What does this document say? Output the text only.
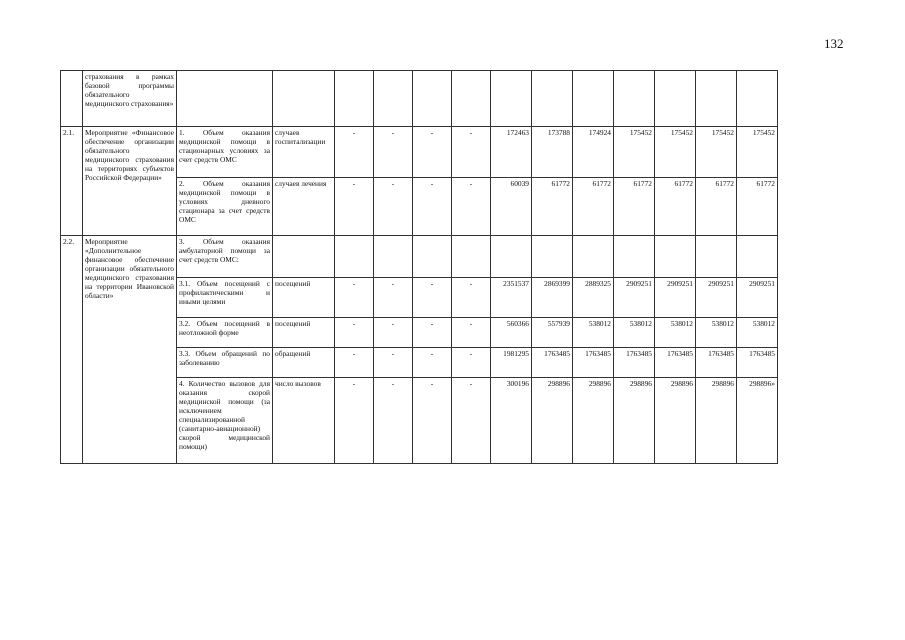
132
	страхования в рамках базовой программы обязательного медицинского страхования»													
2.1.	Мероприятие «Финансовое обеспечение организации обязательного медицинского страхования на территориях субъектов Российской Федерации»	1. Объем оказания медицинской помощи в стационарных условиях за счет средств ОМС	случаев госпитализации	-	-	-	-	172463	173788	174924	175452	175452	175452	175452
		2. Объем оказания медицинской помощи в условиях дневного стационара за счет средств ОМС	случаев лечения	-	-	-	-	60039	61772	61772	61772	61772	61772	61772
2.2.	Мероприятие «Дополнительное финансовое обеспечение организации обязательного медицинского страхования на территории Ивановской области»	3. Объем оказания амбулаторной помощи за счет средств ОМС:												
		3.1. Объем посещений с профилактическими и иными целями	посещений	-	-	-	-	2351537	2869399	2889325	2909251	2909251	2909251	2909251
		3.2. Объем посещений в неотложной форме	посещений	-	-	-	-	560366	557939	538012	538012	538012	538012	538012
		3.3. Объем обращений по заболеванию	обращений	-	-	-	-	1981295	1763485	1763485	1763485	1763485	1763485	1763485
		4. Количество вызовов для оказания скорой медицинской помощи (за исключением специализированной (санитарно-авиационной) скорой медицинской помощи)	число вызовов	-	-	-	-	300196	298896	298896	298896	298896	298896	298896»
